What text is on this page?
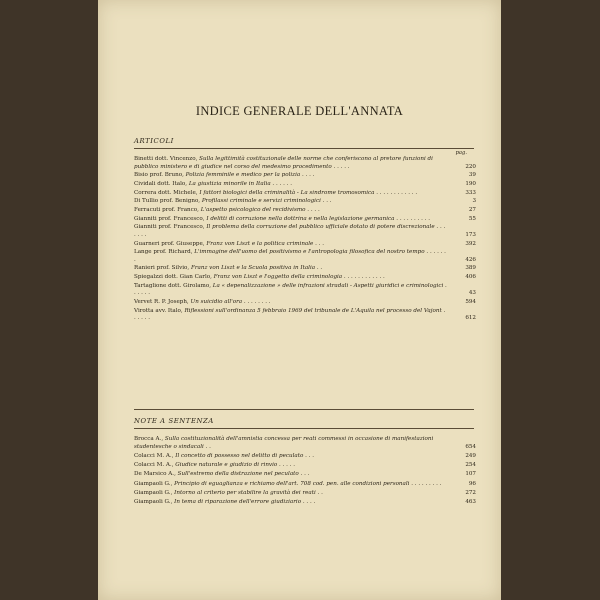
INDICE GENERALE DELL'ANNATA
ARTICOLI
pag.
Binetti dott. Vincenzo, Sulla legittimità costituzionale delle norme che conferiscono al pretore funzioni di pubblico ministero e di giudice nel corso del medesimo procedimento . . . . .	220
Bisio prof. Bruno, Polizia femminile e medico per la polizia . . . .	39
Cividali dott. Italo, La giustizia minorile in Italia . . . . . .	190
Correra dott. Michele, I fattori biologici della criminalità - La sindrome tromosomica . . . . . . . . . . . .	333
Di Tullio prof. Benigno, Profilassi criminale e servizi criminologici . . .	3
Ferracuti prof. Franco, L'aspetto psicologico del recidivismo . . . .	27
Gianniti prof. Francesco, I delitti di corruzione nella dottrina e nella legislazione germanica . . . . . . . . . .	55
Gianniti prof. Francesco, Il problema della corruzione del pubblico ufficiale dotato di potere discrezionale . . . . . . .	173
Guarneri prof. Giuseppe, Franz von Liszt e la politica criminale . . .	392
Lange prof. Richard, L'immagine dell'uomo del positivismo e l'antropologia filosofica del nostro tempo . . . . . . .	426
Ranieri prof. Silvio, Franz von Liszt e la Scuola positiva in Italia . .	389
Spiegalzzi dott. Gian Carlo, Franz von Liszt e l'oggetto della criminologia . . . . . . . . . . . .	406
Tartaglione dott. Girolamo, La « depenalizzazione » delle infrazioni stradali - Aspetti giuridici e criminologici . . . . . .	43
Vervet R. P. Joseph, Un suicidio all'ora . . . . . . . .	594
Virotta avv. Italo, Riflessioni sull'ordinanza 5 febbraio 1969 del tribunale de L'Aquila nel processo del Vajont . . . . . .	612
NOTE A SENTENZA
Brocca A., Sulla costituzionalità dell'amnistia concessa per reati commessi in occasione di manifestazioni studentesche o sindacali . .	654
Colacci M. A., Il concetto di possesso nel delitto di peculato . . .	249
Colacci M. A., Giudice naturale e giudizio di rinvio . . . . .	254
De Marsico A., Sull'estremo della distrazione nel peculato . . .	107
Giampaoli G., Principio di eguaglianza e richiamo dell'art. 708 cod. pen. alle condizioni personali . . . . . . . . .	96
Giampaoli G., Intorno al criterio per stabilire la gravità dei reati . .	272
Giampaoli G., In tema di riparazione dell'errore giudiziario . . . .	463
